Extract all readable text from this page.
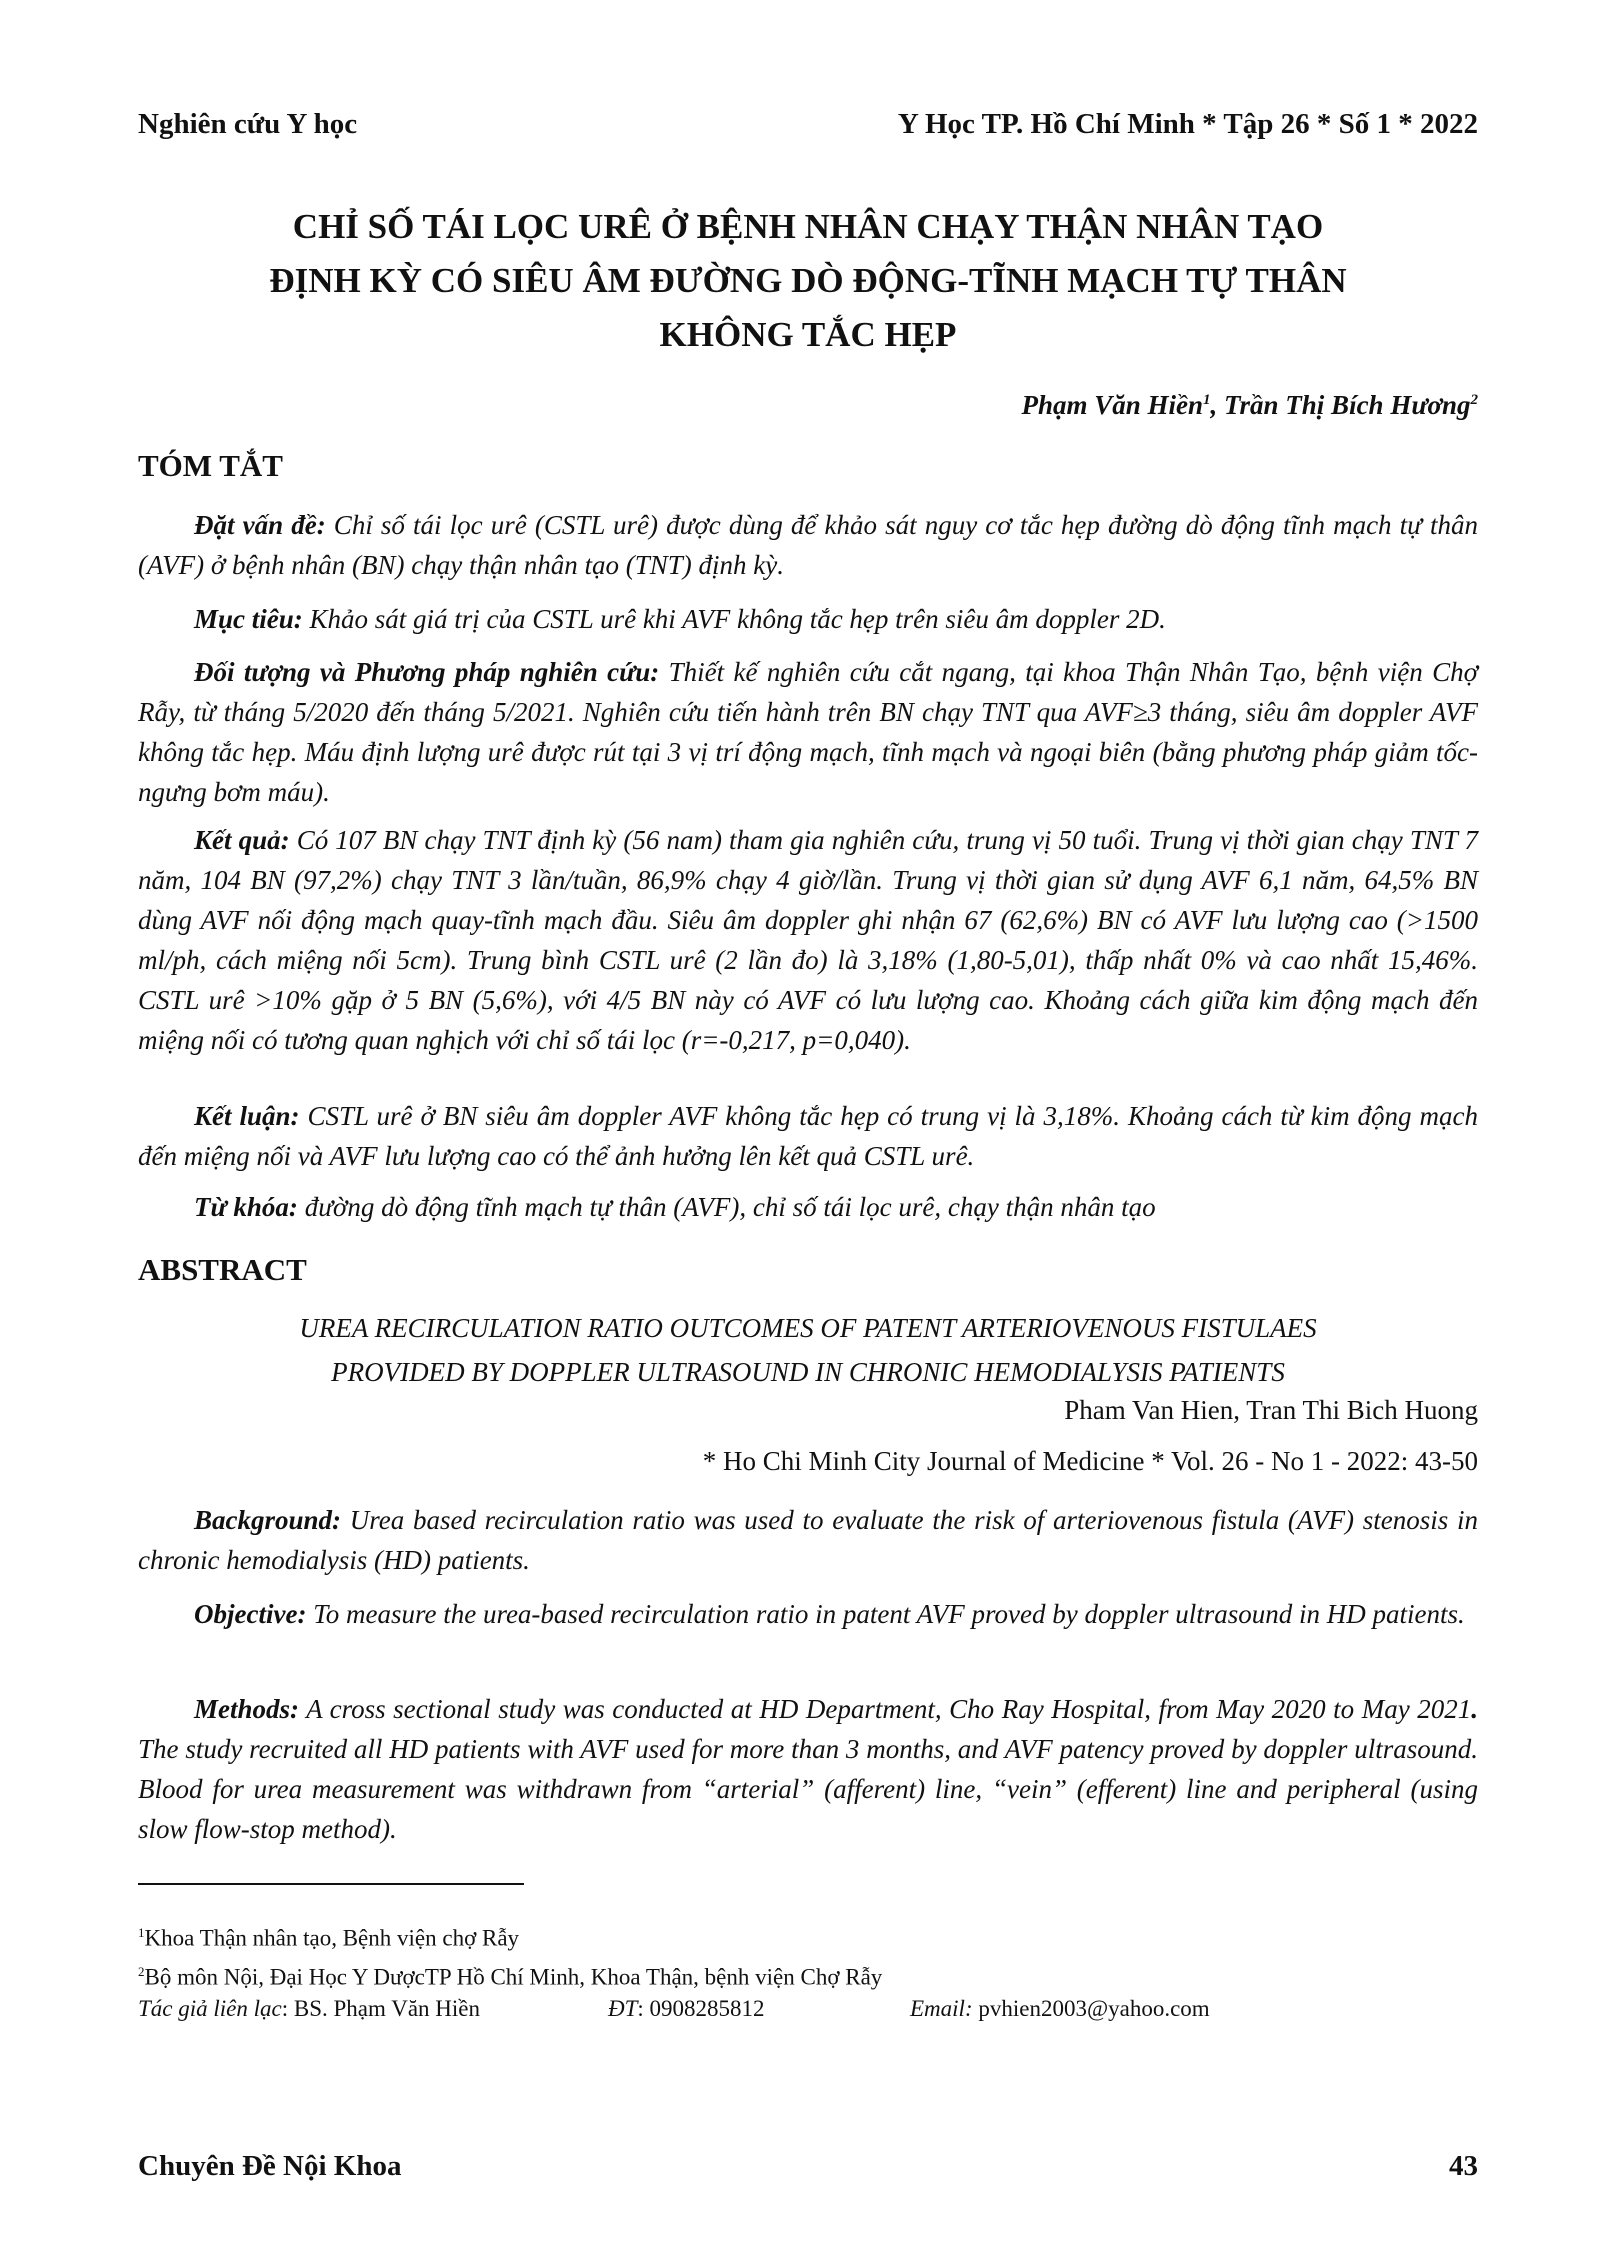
Nghiên cứu Y học	Y Học TP. Hồ Chí Minh * Tập 26 * Số 1 * 2022
CHỈ SỐ TÁI LỌC URÊ Ở BỆNH NHÂN CHẠY THẬN NHÂN TẠO
ĐỊNH KỲ CÓ SIÊU ÂM ĐƯỜNG DÒ ĐỘNG-TĨNH MẠCH TỰ THÂN
KHÔNG TẮC HẸP
Phạm Văn Hiền$^1$, Trần Thị Bích Hương$^2$
TÓM TẮT

Đặt vấn đề: Chỉ số tái lọc urê (CSTL urê) được dùng để khảo sát nguy cơ tắc hẹp đường dò động tĩnh mạch tự thân (AVF) ở bệnh nhân (BN) chạy thận nhân tạo (TNT) định kỳ.

Mục tiêu: Khảo sát giá trị của CSTL urê khi AVF không tắc hẹp trên siêu âm doppler 2D.

Đối tượng và Phương pháp nghiên cứu: Thiết kế nghiên cứu cắt ngang, tại khoa Thận Nhân Tạo, bệnh viện Chợ Rẫy, từ tháng 5/2020 đến tháng 5/2021. Nghiên cứu tiến hành trên BN chạy TNT qua AVF≥3 tháng, siêu âm doppler AVF không tắc hẹp. Máu định lượng urê được rút tại 3 vị trí động mạch, tĩnh mạch và ngoại biên (bằng phương pháp giảm tốc-ngưng bơm máu).

Kết quả: Có 107 BN chạy TNT định kỳ (56 nam) tham gia nghiên cứu, trung vị 50 tuổi. Trung vị thời gian chạy TNT 7 năm, 104 BN (97,2%) chạy TNT 3 lần/tuần, 86,9% chạy 4 giờ/lần. Trung vị thời gian sử dụng AVF 6,1 năm, 64,5% BN dùng AVF nối động mạch quay-tĩnh mạch đầu. Siêu âm doppler ghi nhận 67 (62,6%) BN có AVF lưu lượng cao (>1500 ml/ph, cách miệng nối 5cm). Trung bình CSTL urê (2 lần đo) là 3,18% (1,80-5,01), thấp nhất 0% và cao nhất 15,46%. CSTL urê >10% gặp ở 5 BN (5,6%), với 4/5 BN này có AVF có lưu lượng cao. Khoảng cách giữa kim động mạch đến miệng nối có tương quan nghịch với chỉ số tái lọc (r=-0,217, p=0,040).

Kết luận: CSTL urê ở BN siêu âm doppler AVF không tắc hẹp có trung vị là 3,18%. Khoảng cách từ kim động mạch đến miệng nối và AVF lưu lượng cao có thể ảnh hưởng lên kết quả CSTL urê.

Từ khóa: đường dò động tĩnh mạch tự thân (AVF), chỉ số tái lọc urê, chạy thận nhân tạo

ABSTRACT
UREA RECIRCULATION RATIO OUTCOMES OF PATENT ARTERIOVENOUS FISTULAES
PROVIDED BY DOPPLER ULTRASOUND IN CHRONIC HEMODIALYSIS PATIENTS
Pham Van Hien, Tran Thi Bich Huong
* Ho Chi Minh City Journal of Medicine * Vol. 26 - No 1 - 2022: 43-50

Background: Urea based recirculation ratio was used to evaluate the risk of arteriovenous fistula (AVF) stenosis in chronic hemodialysis (HD) patients.

Objective: To measure the urea-based recirculation ratio in patent AVF proved by doppler ultrasound in HD patients.

Methods: A cross sectional study was conducted at HD Department, Cho Ray Hospital, from May 2020 to May 2021. The study recruited all HD patients with AVF used for more than 3 months, and AVF patency proved by doppler ultrasound. Blood for urea measurement was withdrawn from “arterial” (afferent) line, “vein” (efferent) line and peripheral (using slow flow-stop method).

$^1$Khoa Thận nhân tạo, Bệnh viện chợ Rẫy
$^2$Bộ môn Nội, Đại Học Y DượcTP Hồ Chí Minh, Khoa Thận, bệnh viện Chợ Rẫy
Tác giả liên lạc: BS. Phạm Văn Hiền	ĐT: 0908285812	Email: pvhien2003@yahoo.com
Chuyên Đề Nội Khoa	43
